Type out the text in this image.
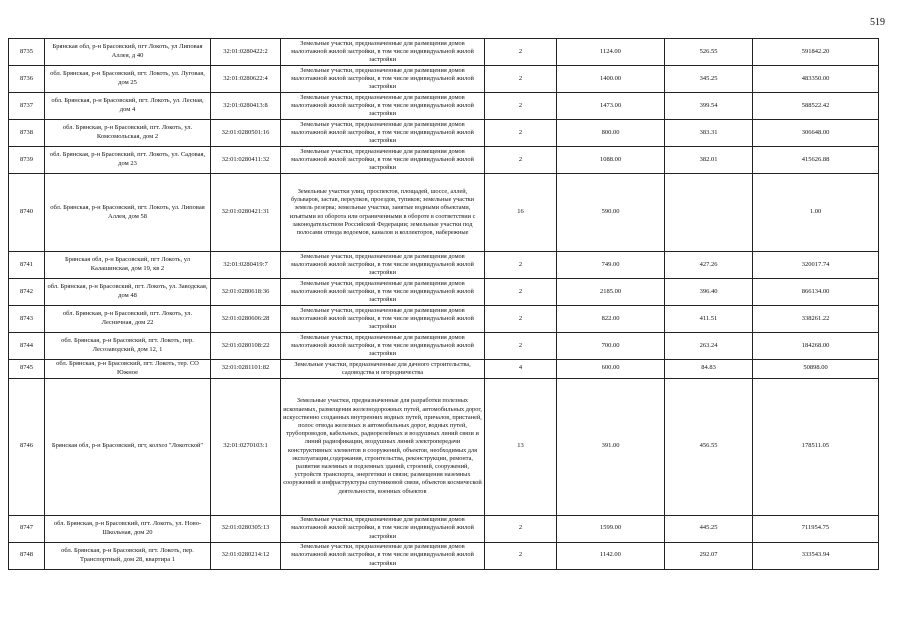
519
8735	Брянская обл, р-н Брасовский, пгт Локоть, ул Липовая Аллея, д 40	32:01:0280422:2	Земельные участки, предназначенные для размещения домов малоэтажной жилой застройки, в том числе индивидуальной жилой застройки	2	1124.00	526.55	591842.20
8736	обл. Брянская, р-н Брасовский, пгт. Локоть, ул. Луговая, дом 25	32:01:0280622:4	Земельные участки, предназначенные для размещения домов малоэтажной жилой застройки, в том числе индивидуальной жилой застройки	2	1400.00	345.25	483350.00
8737	обл. Брянская, р-н Брасовский, пгт. Локоть, ул. Лесная, дом 4	32:01:0280413:8	Земельные участки, предназначенные для размещения домов малоэтажной жилой застройки, в том числе индивидуальной жилой застройки	2	1473.00	399.54	588522.42
8738	обл. Брянская, р-н Брасовский, пгт. Локоть, ул. Комсомольская, дом 2	32:01:0280501:16	Земельные участки, предназначенные для размещения домов малоэтажной жилой застройки, в том числе индивидуальной жилой застройки	2	800.00	383.31	306648.00
8739	обл. Брянская, р-н Брасовский, пгт. Локоть, ул. Садовая, дом 23	32:01:0280411:32	Земельные участки, предназначенные для размещения домов малоэтажной жилой застройки, в том числе индивидуальной жилой застройки	2	1088.00	382.01	415626.88
8740	обл. Брянская, р-н Брасовский, пгт. Локоть, ул. Липовая Аллея, дом 58	32:01:0280421:31	Земельные участки улиц, проспектов, площадей, шоссе, аллей, бульваров, застав, переулков, проездов, тупиков; земельные участки земель резерва; земельные участки, занятые водными объектами, изъятыми из оборота или ограниченными в обороте в соответствии с законодательством Российской Федерации; земельные участки под полосами отвода водоемов, каналов и коллекторов, набережные	16	590.00		1.00
8741	Брянская обл, р-н Брасовский, пгт Локоть, ул Калашинская, дом 19, кв 2	32:01:0280419:7	Земельные участки, предназначенные для размещения домов малоэтажной жилой застройки, в том числе индивидуальной жилой застройки	2	749.00	427.26	320017.74
8742	обл. Брянская, р-н Брасовский, пгт. Локоть, ул. Заводская, дом 48	32:01:0280618:36	Земельные участки, предназначенные для размещения домов малоэтажной жилой застройки, в том числе индивидуальной жилой застройки	2	2185.00	396.40	866134.00
8743	обл. Брянская, р-н Брасовский, пгт. Локоть, ул. Лесничная, дом 22	32:01:0280606:28	Земельные участки, предназначенные для размещения домов малоэтажной жилой застройки, в том числе индивидуальной жилой застройки	2	822.00	411.51	338261.22
8744	обл. Брянская, р-н Брасовский, пгт. Локоть, пер. Лесозаводский, дом 12, 1	32:01:0280108:22	Земельные участки, предназначенные для размещения домов малоэтажной жилой застройки, в том числе индивидуальной жилой застройки	2	700.00	263.24	184268.00
8745	обл. Брянская, р-н Брасовский, пгт. Локоть, тер. СО Южное	32:01:0281101:82	Земельные участки, предназначенные для дачного строительства, садоводства и огородничества	4	600.00	84.83	50898.00
8746	Брянская обл, р-н Брасовский, пгт, колхоз "Локотской"	32:01:0270103:1	Земельные участки, предназначенные для разработки полезных ископаемых, размещения железнодорожных путей, автомобильных дорог, искусственно созданных внутренних водных путей, причалов, пристаней, полос отвода железных и автомобильных дорог, водных путей, трубопроводов, кабельных, радиорелейных и воздушных линий связи и линий радиофикации, воздушных линий электропередачи конструктивных элементов и сооружений, объектов, необходимых для эксплуатации,содержания, строительства, реконструкции, ремонта, развития наземных и подземных зданий, строений, сооружений, устройств транспорта, энергетики и связи; размещения наземных сооружений и инфраструктуры спутниковой связи, объектов космической деятельности, военных объектов	13	391.00	456.55	178511.05
8747	обл. Брянская, р-н Брасовский, пгт. Локоть, ул. Ново-Школьная, дом 20	32:01:0280305:13	Земельные участки, предназначенные для размещения домов малоэтажной жилой застройки, в том числе индивидуальной жилой застройки	2	1599.00	445.25	711954.75
8748	обл. Брянская, р-н Брасовский, пгт. Локоть, пер. Транспортный, дом 28, квартира 1	32:01:0280214:12	Земельные участки, предназначенные для размещения домов малоэтажной жилой застройки, в том числе индивидуальной жилой застройки	2	1142.00	292.07	333543.94
